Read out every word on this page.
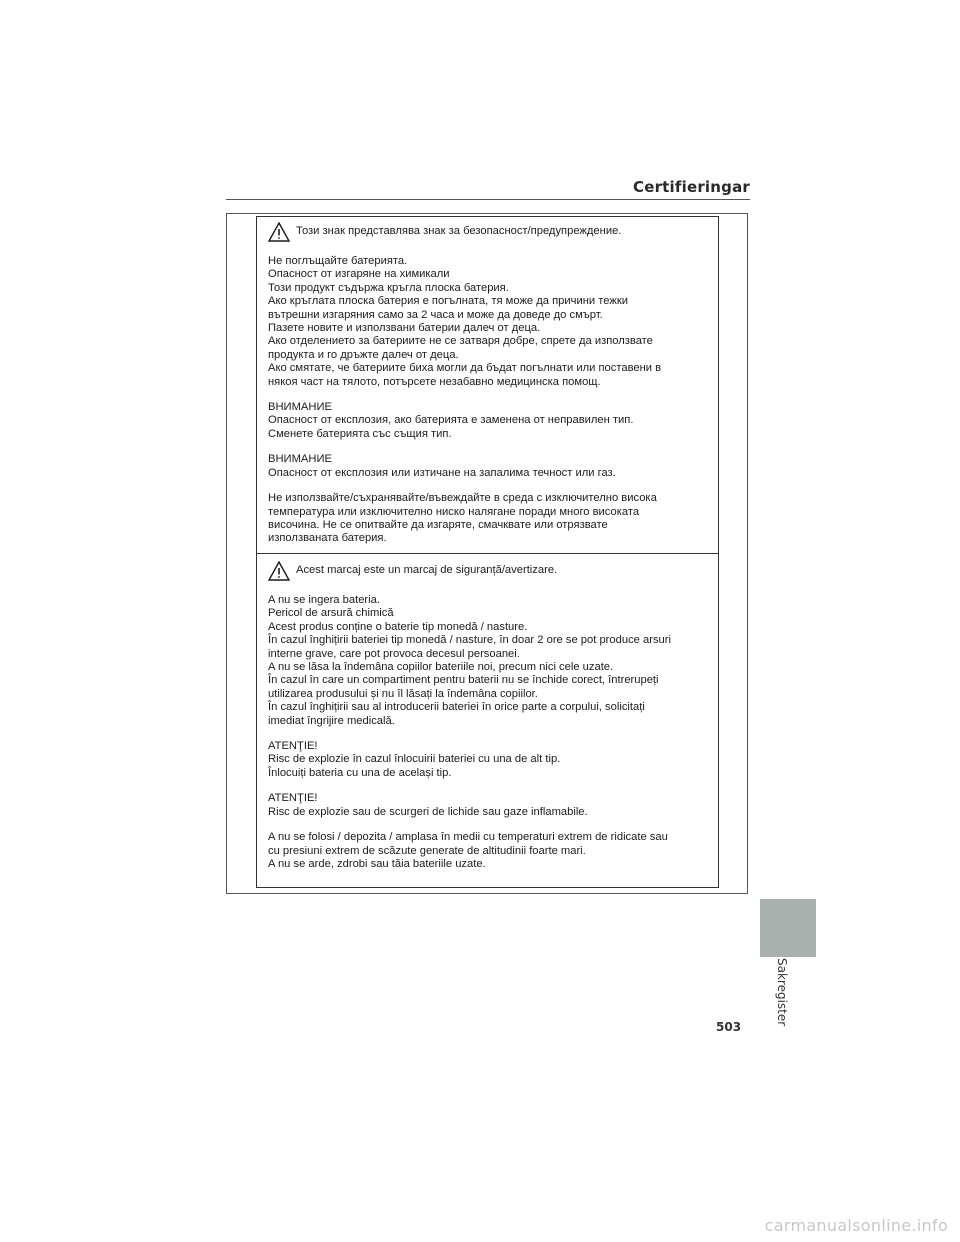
Certifieringar
Този знак представлява знак за безопасност/предупреждение.
Не поглъщайте батерията.
Опасност от изгаряне на химикали
Този продукт съдържа кръгла плоска батерия.
Ако кръглата плоска батерия е погълната, тя може да причини тежки
вътрешни изгаряния само за 2 часа и може да доведе до смърт.
Пазете новите и използвани батерии далеч от деца.
Ако отделението за батериите не се затваря добре, спрете да използвате
продукта и го дръжте далеч от деца.
Ако смятате, че батериите биха могли да бъдат погълнати или поставени в
някоя част на тялото, потърсете незабавно медицинска помощ.
ВНИМАНИЕ
Опасност от експлозия, ако батерията е заменена от неправилен тип.
Сменете батерията със същия тип.
ВНИМАНИЕ
Опасност от експлозия или изтичане на запалима течност или газ.
Не използвайте/съхранявайте/въвеждайте в среда с изключително висока
температура или изключително ниско налягане поради много високата
височина. Не се опитвайте да изгаряте, смачквате или отрязвате
използваната батерия.
Acest marcaj este un marcaj de siguranță/avertizare.
A nu se ingera bateria.
Pericol de arsură chimică
Acest produs conține o baterie tip monedă / nasture.
În cazul înghițirii bateriei tip monedă / nasture, în doar 2 ore se pot produce arsuri
interne grave, care pot provoca decesul persoanei.
A nu se lăsa la îndemâna copiilor bateriile noi, precum nici cele uzate.
În cazul în care un compartiment pentru baterii nu se închide corect, întrerupeți
utilizarea produsului și nu îl lăsați la îndemâna copiilor.
În cazul înghițirii sau al introducerii bateriei în orice parte a corpului, solicitați
imediat îngrijire medicală.
ATENŢIE!
Risc de explozie în cazul înlocuirii bateriei cu una de alt tip.
Înlocuiți bateria cu una de același tip.
ATENŢIE!
Risc de explozie sau de scurgeri de lichide sau gaze inflamabile.
A nu se folosi / depozita / amplasa în medii cu temperaturi extrem de ridicate sau
cu presiuni extrem de scăzute generate de altitudinii foarte mari.
A nu se arde, zdrobi sau tăia bateriile uzate.
Sakregister
503
carmanualsonline.info
